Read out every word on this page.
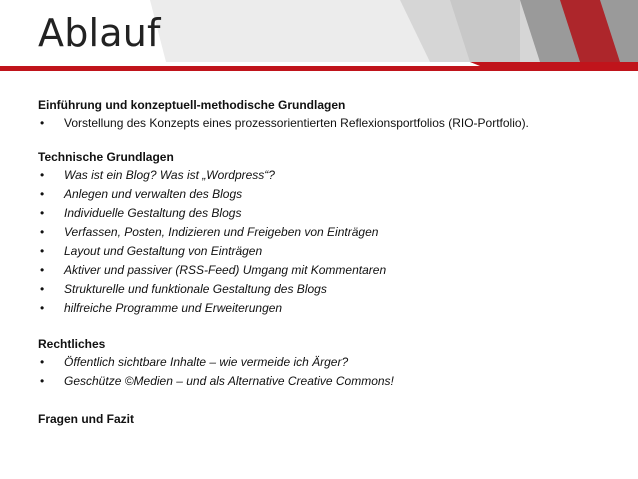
Ablauf
Einführung und konzeptuell-methodische Grundlagen
• Vorstellung des Konzepts eines prozessorientierten Reflexionsportfolios (RIO-Portfolio).
Technische Grundlagen
• Was ist ein Blog? Was ist „Wordpress“?
• Anlegen und verwalten des Blogs
• Individuelle Gestaltung des Blogs
• Verfassen, Posten, Indizieren und Freigeben von Einträgen
• Layout und Gestaltung von Einträgen
• Aktiver und passiver (RSS-Feed) Umgang mit Kommentaren
• Strukturelle und funktionale Gestaltung des Blogs
• hilfreiche Programme und Erweiterungen
Rechtliches
• Öffentlich sichtbare Inhalte – wie vermeide ich Ärger?
• Geschütze ©Medien – und als Alternative Creative Commons!
Fragen und Fazit
